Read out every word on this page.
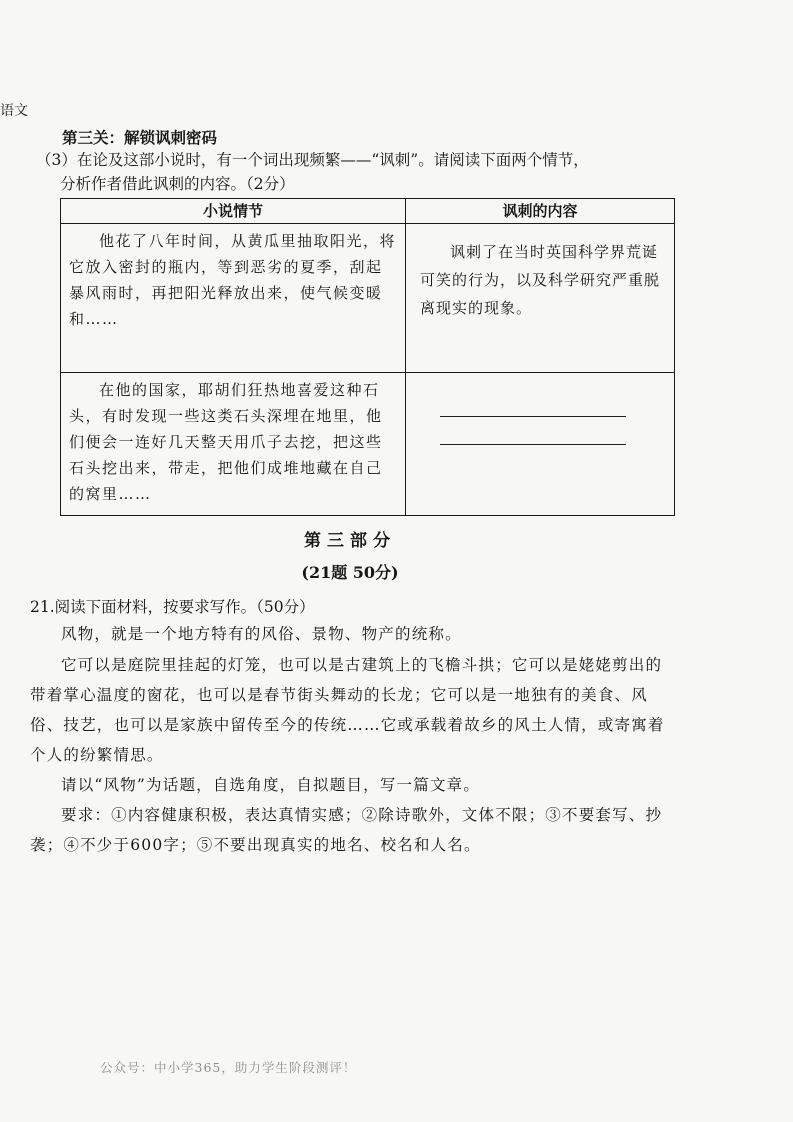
语文
第三关：解锁讽刺密码
（3）在论及这部小说时，有一个词出现频繁——“讽刺”。请阅读下面两个情节，
分析作者借此讽刺的内容。（2分）
小说情节	讽刺的内容
他花了八年时间，从黄瓜里抽取阳光，将它放入密封的瓶内，等到恶劣的夏季，刮起暴风雨时，再把阳光释放出来，使气候变暖和……	讽刺了在当时英国科学界荒诞可笑的行为，以及科学研究严重脱离现实的现象。
在他的国家，耶胡们狂热地喜爱这种石头，有时发现一些这类石头深埋在地里，他们便会一连好几天整天用爪子去挖，把这些石头挖出来，带走，把他们成堆地藏在自己的窝里……	
第三部分
(21题 50分)
21.阅读下面材料，按要求写作。（50分）
风物，就是一个地方特有的风俗、景物、物产的统称。
它可以是庭院里挂起的灯笼，也可以是古建筑上的飞檐斗拱；它可以是姥姥剪出的带着掌心温度的窗花，也可以是春节街头舞动的长龙；它可以是一地独有的美食、风俗、技艺，也可以是家族中留传至今的传统……它或承载着故乡的风土人情，或寄寓着个人的纷繁情思。
请以“风物”为话题，自选角度，自拟题目，写一篇文章。
要求：①内容健康积极，表达真情实感；②除诗歌外，文体不限；③不要套写、抄袭；④不少于600字；⑤不要出现真实的地名、校名和人名。
公众号：中小学365，助力学生阶段测评！
